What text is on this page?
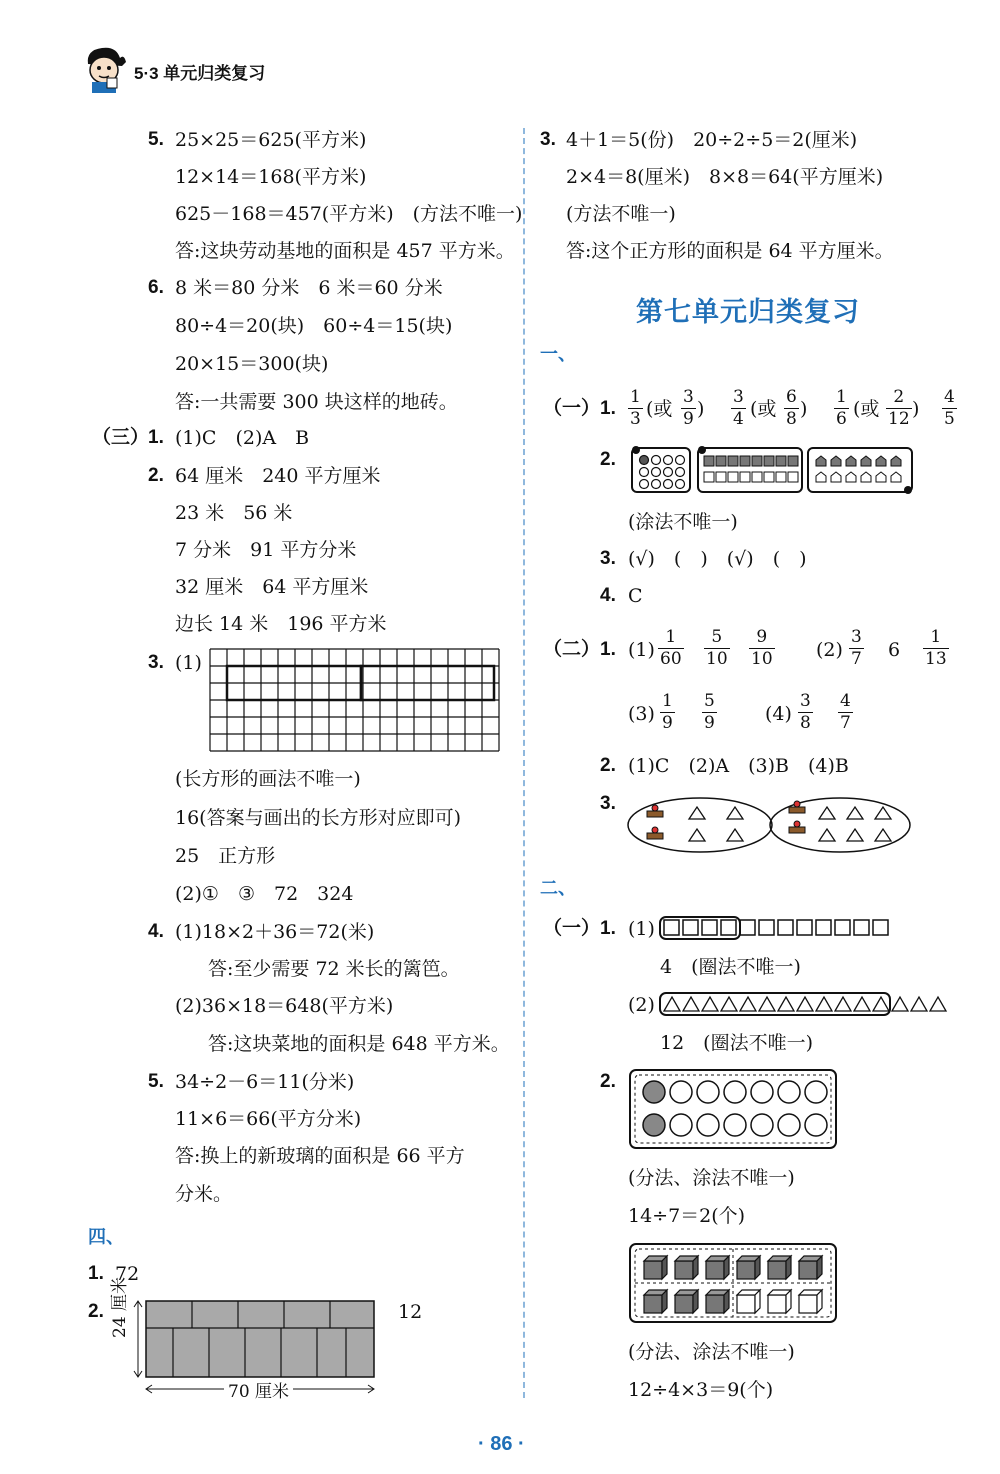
5·3 单元归类复习
5. 25×25＝625(平方米)
12×14＝168(平方米)
625－168＝457(平方米)　(方法不唯一)
答:这块劳动基地的面积是 457 平方米。
6. 8 米＝80 分米　6 米＝60 分米
80÷4＝20(块)　60÷4＝15(块)
20×15＝300(块)
答:一共需要 300 块这样的地砖。
（三）
1. (1)C　(2)A　B
2. 64 厘米　240 平方厘米
23 米　56 米
7 分米　91 平方分米
32 厘米　64 平方厘米
边长 14 米　196 平方米
3. (1)
(长方形的画法不唯一)
16(答案与画出的长方形对应即可)
25　正方形
(2)①　③　72　324
4. (1)18×2＋36＝72(米)
答:至少需要 72 米长的篱笆。
(2)36×18＝648(平方米)
答:这块菜地的面积是 648 平方米。
5. 34÷2－6＝11(分米)
11×6＝66(平方分米)
答:换上的新玻璃的面积是 66 平方
分米。
四、
1. 72
2. 24 厘米
70 厘米
12
3. 4＋1＝5(份)　20÷2÷5＝2(厘米)
2×4＝8(厘米)　8×8＝64(平方厘米)
(方法不唯一)
答:这个正方形的面积是 64 平方厘米。
第七单元归类复习
一、
（一） 1.
1
3 (或
3
9 )
3
4 (或
6
8 )
1
6 (或
2
12 )
4
5
2.
(涂法不唯一)
3. (√)　(　)　(√)　(　)
4. C
（二） 1. (1)
1
60
5
10
9
10 (2)
3
7 6
1
13
(3)
1
9
5
9	(4)
3
8
4
7
2. (1)C　(2)A　(3)B　(4)B
3.
二、
（一） 1. (1)
4　(圈法不唯一)
(2)
12　(圈法不唯一)
2.
(分法、涂法不唯一)
14÷7＝2(个)
(分法、涂法不唯一)
12÷4×3＝9(个)
· 86 ·
